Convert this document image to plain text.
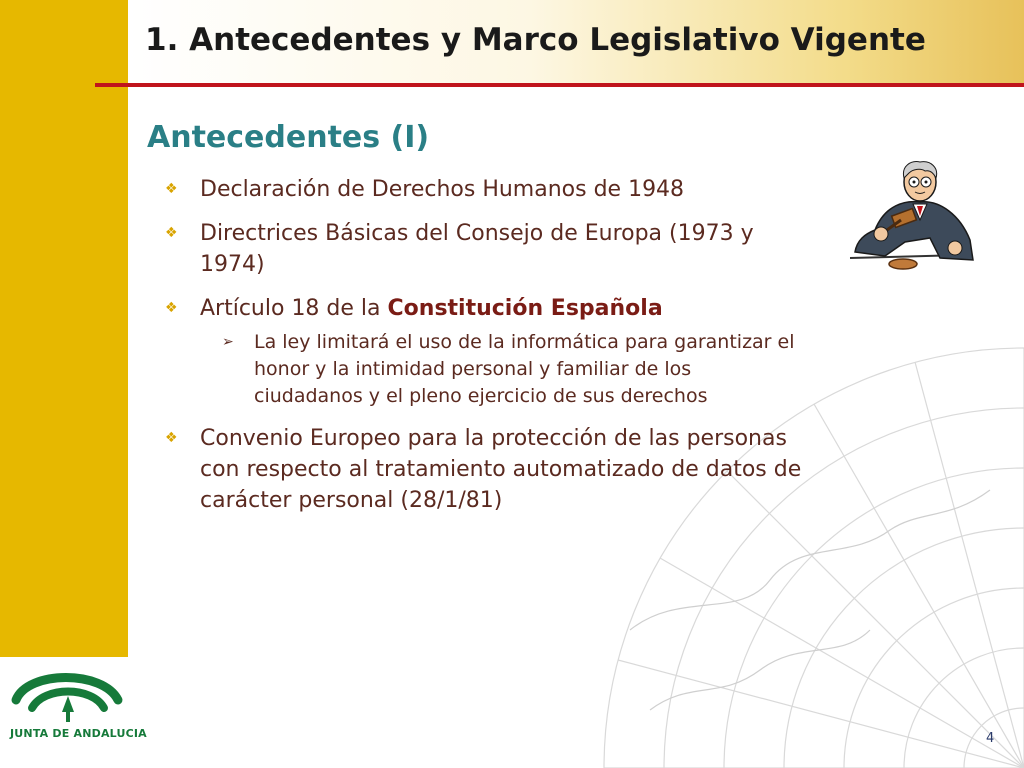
1. Antecedentes y Marco Legislativo Vigente
Antecedentes (I)
❖ Declaración de Derechos Humanos de 1948
❖ Directrices Básicas del Consejo de Europa (1973 y 1974)
❖ Artículo 18 de la Constitución Española
➢ La ley limitará el uso de la informática para garantizar el honor y la intimidad personal y familiar de los ciudadanos y el pleno ejercicio de sus derechos
❖ Convenio Europeo para la protección de las personas con respecto al tratamiento automatizado de datos de carácter personal (28/1/81)
JUNTA DE ANDALUCIA	4
